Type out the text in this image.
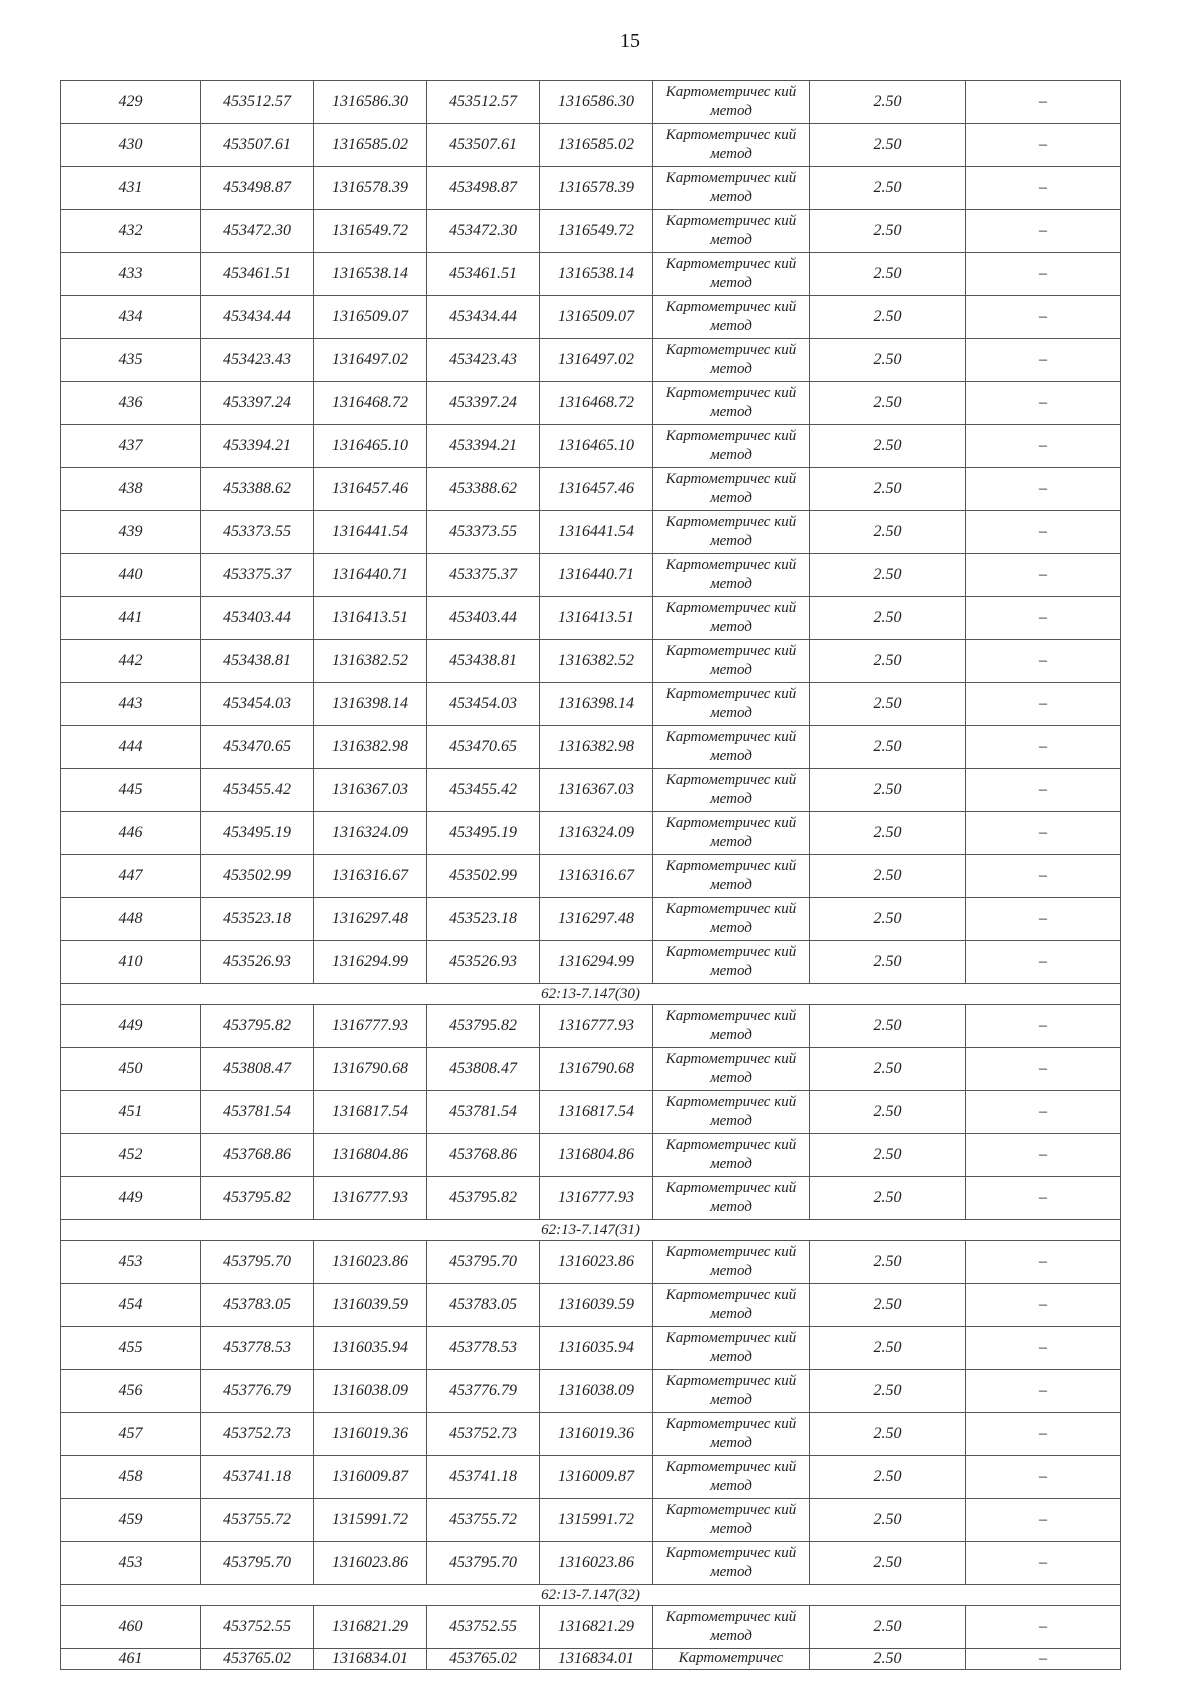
15
429	453512.57	1316586.30	453512.57	1316586.30	Картометричес кий метод	2.50	–
430	453507.61	1316585.02	453507.61	1316585.02	Картометричес кий метод	2.50	–
431	453498.87	1316578.39	453498.87	1316578.39	Картометричес кий метод	2.50	–
432	453472.30	1316549.72	453472.30	1316549.72	Картометричес кий метод	2.50	–
433	453461.51	1316538.14	453461.51	1316538.14	Картометричес кий метод	2.50	–
434	453434.44	1316509.07	453434.44	1316509.07	Картометричес кий метод	2.50	–
435	453423.43	1316497.02	453423.43	1316497.02	Картометричес кий метод	2.50	–
436	453397.24	1316468.72	453397.24	1316468.72	Картометричес кий метод	2.50	–
437	453394.21	1316465.10	453394.21	1316465.10	Картометричес кий метод	2.50	–
438	453388.62	1316457.46	453388.62	1316457.46	Картометричес кий метод	2.50	–
439	453373.55	1316441.54	453373.55	1316441.54	Картометричес кий метод	2.50	–
440	453375.37	1316440.71	453375.37	1316440.71	Картометричес кий метод	2.50	–
441	453403.44	1316413.51	453403.44	1316413.51	Картометричес кий метод	2.50	–
442	453438.81	1316382.52	453438.81	1316382.52	Картометричес кий метод	2.50	–
443	453454.03	1316398.14	453454.03	1316398.14	Картометричес кий метод	2.50	–
444	453470.65	1316382.98	453470.65	1316382.98	Картометричес кий метод	2.50	–
445	453455.42	1316367.03	453455.42	1316367.03	Картометричес кий метод	2.50	–
446	453495.19	1316324.09	453495.19	1316324.09	Картометричес кий метод	2.50	–
447	453502.99	1316316.67	453502.99	1316316.67	Картометричес кий метод	2.50	–
448	453523.18	1316297.48	453523.18	1316297.48	Картометричес кий метод	2.50	–
410	453526.93	1316294.99	453526.93	1316294.99	Картометричес кий метод	2.50	–
62:13-7.147(30)							
449	453795.82	1316777.93	453795.82	1316777.93	Картометричес кий метод	2.50	–
450	453808.47	1316790.68	453808.47	1316790.68	Картометричес кий метод	2.50	–
451	453781.54	1316817.54	453781.54	1316817.54	Картометричес кий метод	2.50	–
452	453768.86	1316804.86	453768.86	1316804.86	Картометричес кий метод	2.50	–
449	453795.82	1316777.93	453795.82	1316777.93	Картометричес кий метод	2.50	–
62:13-7.147(31)							
453	453795.70	1316023.86	453795.70	1316023.86	Картометричес кий метод	2.50	–
454	453783.05	1316039.59	453783.05	1316039.59	Картометричес кий метод	2.50	–
455	453778.53	1316035.94	453778.53	1316035.94	Картометричес кий метод	2.50	–
456	453776.79	1316038.09	453776.79	1316038.09	Картометричес кий метод	2.50	–
457	453752.73	1316019.36	453752.73	1316019.36	Картометричес кий метод	2.50	–
458	453741.18	1316009.87	453741.18	1316009.87	Картометричес кий метод	2.50	–
459	453755.72	1315991.72	453755.72	1315991.72	Картометричес кий метод	2.50	–
453	453795.70	1316023.86	453795.70	1316023.86	Картометричес кий метод	2.50	–
62:13-7.147(32)							
460	453752.55	1316821.29	453752.55	1316821.29	Картометричес кий метод	2.50	–
461	453765.02	1316834.01	453765.02	1316834.01	Картометричес	2.50	–
